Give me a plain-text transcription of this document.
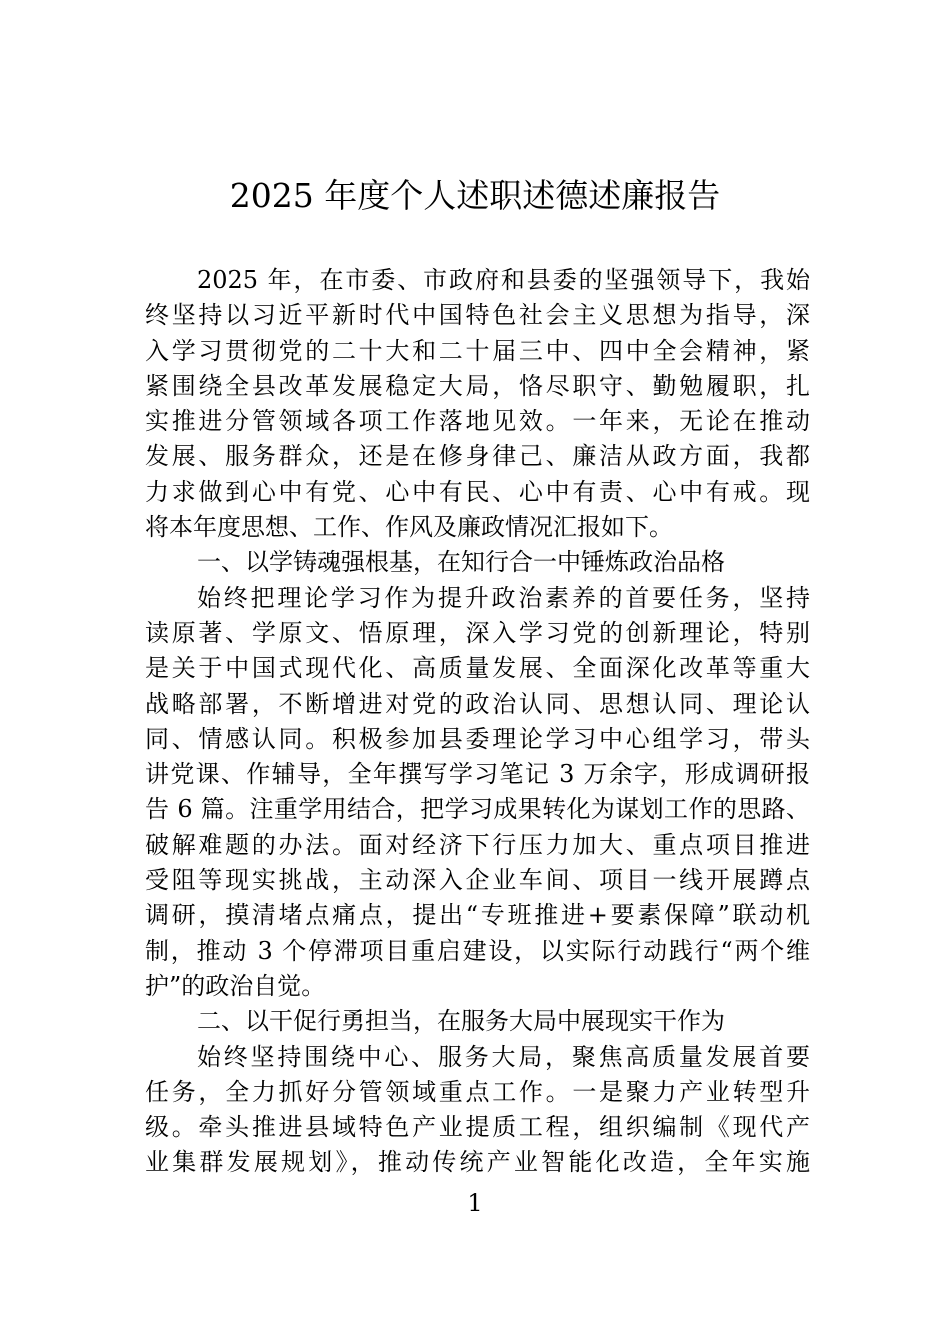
2025 年度个人述职述德述廉报告
2025 年，在市委、市政府和县委的坚强领导下，我始
终坚持以习近平新时代中国特色社会主义思想为指导，深
入学习贯彻党的二十大和二十届三中、四中全会精神，紧
紧围绕全县改革发展稳定大局，恪尽职守、勤勉履职，扎
实推进分管领域各项工作落地见效。一年来，无论在推动
发展、服务群众，还是在修身律己、廉洁从政方面，我都
力求做到心中有党、心中有民、心中有责、心中有戒。现
将本年度思想、工作、作风及廉政情况汇报如下。
一、以学铸魂强根基，在知行合一中锤炼政治品格
始终把理论学习作为提升政治素养的首要任务，坚持
读原著、学原文、悟原理，深入学习党的创新理论，特别
是关于中国式现代化、高质量发展、全面深化改革等重大
战略部署，不断增进对党的政治认同、思想认同、理论认
同、情感认同。积极参加县委理论学习中心组学习，带头
讲党课、作辅导，全年撰写学习笔记 3 万余字，形成调研报
告 6 篇。注重学用结合，把学习成果转化为谋划工作的思路、
破解难题的办法。面对经济下行压力加大、重点项目推进
受阻等现实挑战，主动深入企业车间、项目一线开展蹲点
调研，摸清堵点痛点，提出“专班推进+要素保障”联动机
制，推动 3 个停滞项目重启建设，以实际行动践行“两个维
护”的政治自觉。
二、以干促行勇担当，在服务大局中展现实干作为
始终坚持围绕中心、服务大局，聚焦高质量发展首要
任务，全力抓好分管领域重点工作。一是聚力产业转型升
级。牵头推进县域特色产业提质工程，组织编制《现代产
业集群发展规划》，推动传统产业智能化改造，全年实施
1
